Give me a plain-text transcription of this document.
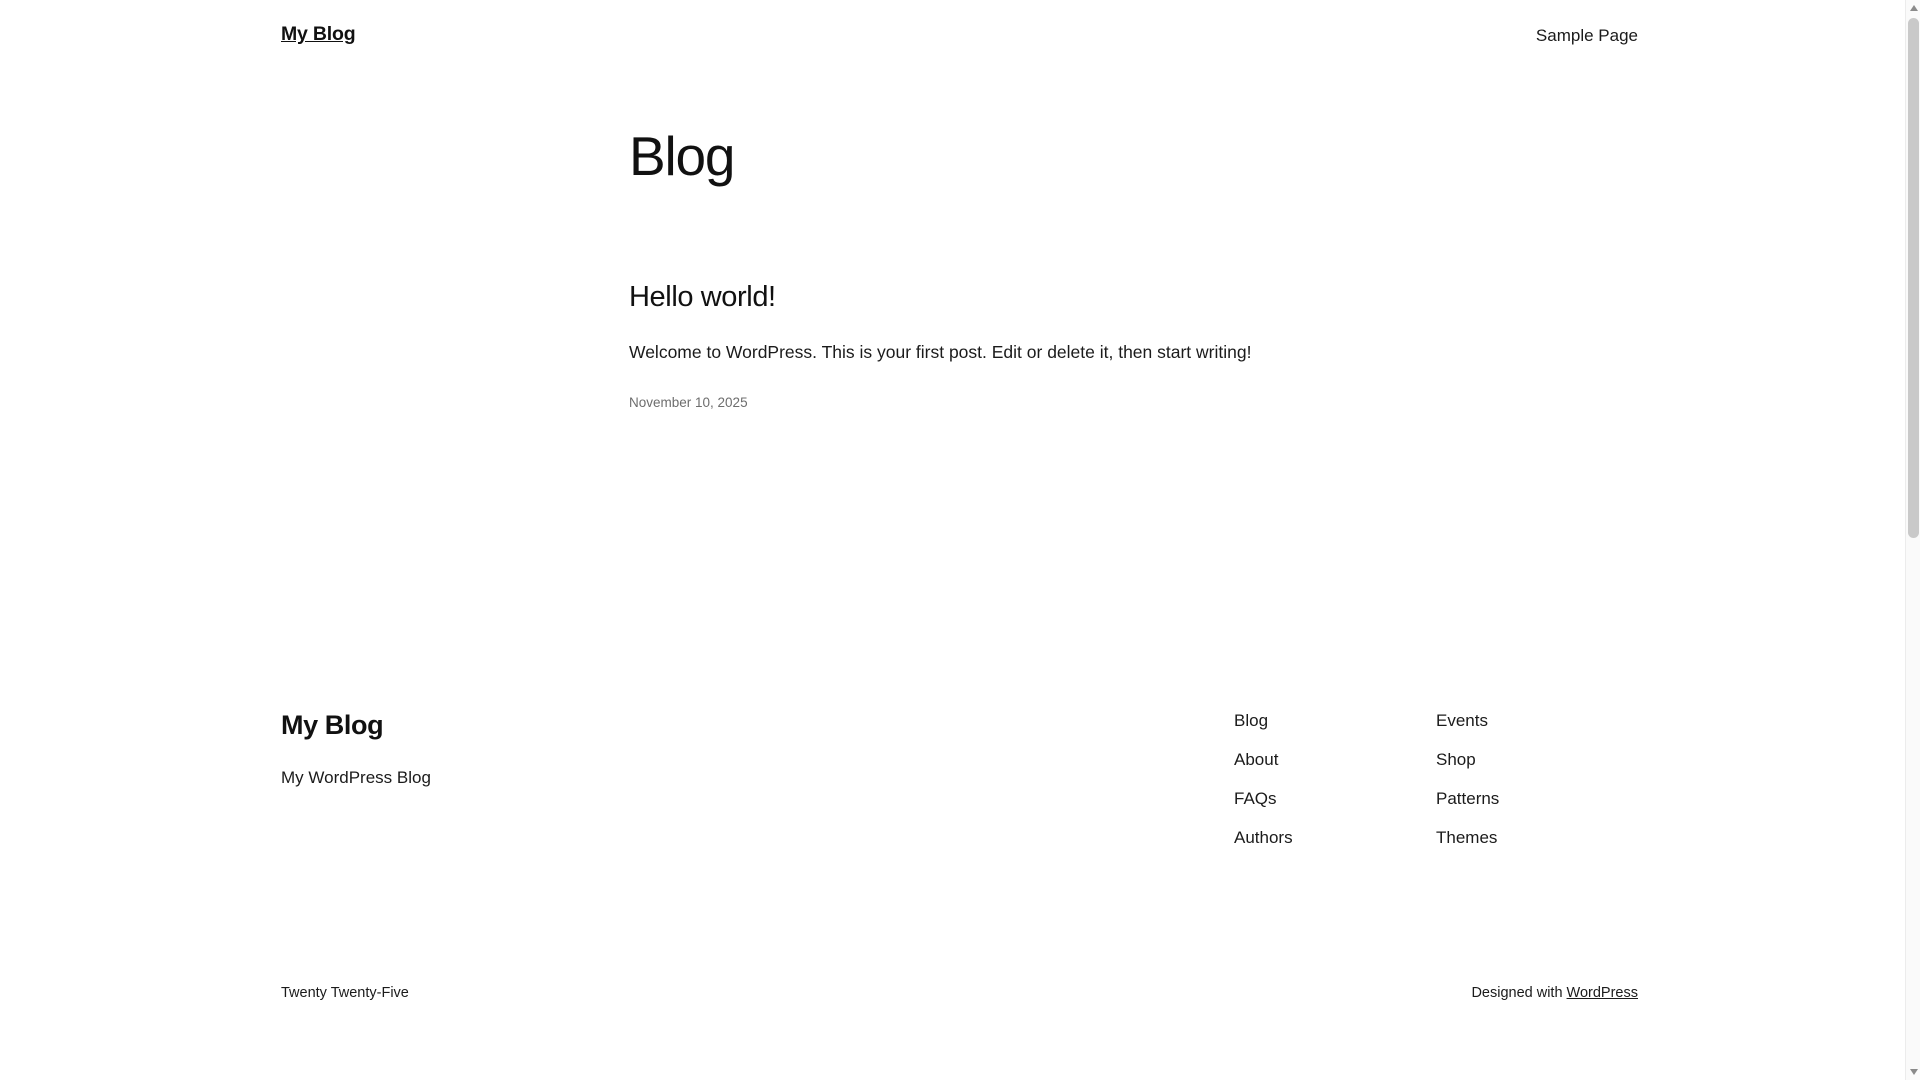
My Blog	Sample Page
Blog
Hello world!

Welcome to WordPress. This is your first post. Edit or delete it, then start writing!

November 10, 2025

My Blog

My WordPress Blog

Blog
About
FAQs
Authors
Events
Shop
Patterns
Themes
Twenty Twenty-Five	Designed with WordPress
